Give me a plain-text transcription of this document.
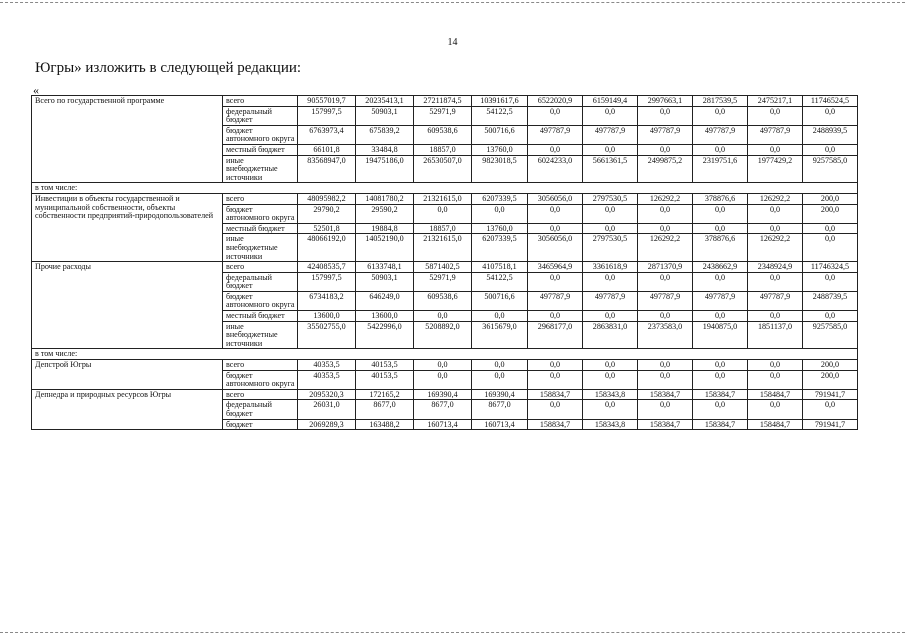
14
Югры» изложить в следующей редакции:
«
Всего по государственной программе	всего	90557019,7	20235413,1	27211874,5	10391617,6	6522020,9	6159149,4	2997663,1	2817539,5	2475217,1	11746524,5
	федеральный бюджет	157997,5	50903,1	52971,9	54122,5	0,0	0,0	0,0	0,0	0,0	0,0
	бюджет автономного округа	6763973,4	675839,2	609538,6	500716,6	497787,9	497787,9	497787,9	497787,9	497787,9	2488939,5
	местный бюджет	66101,8	33484,8	18857,0	13760,0	0,0	0,0	0,0	0,0	0,0	0,0
	иные внебюджетные источники	83568947,0	19475186,0	26530507,0	9823018,5	6024233,0	5661361,5	2499875,2	2319751,6	1977429,2	9257585,0
в том числе:											
Инвестиции в объекты государственной и муниципальной собственности, объекты собственности предприятий-природопользователей	всего	48095982,2	14081780,2	21321615,0	6207339,5	3056056,0	2797530,5	126292,2	378876,6	126292,2	200,0
	бюджет автономного округа	29790,2	29590,2	0,0	0,0	0,0	0,0	0,0	0,0	0,0	200,0
	местный бюджет	52501,8	19884,8	18857,0	13760,0	0,0	0,0	0,0	0,0	0,0	0,0
	иные внебюджетные источники	48066192,0	14052190,0	21321615,0	6207339,5	3056056,0	2797530,5	126292,2	378876,6	126292,2	0,0
Прочие расходы	всего	42408535,7	6133748,1	5871402,5	4107518,1	3465964,9	3361618,9	2871370,9	2438662,9	2348924,9	11746324,5
	федеральный бюджет	157997,5	50903,1	52971,9	54122,5	0,0	0,0	0,0	0,0	0,0	0,0
	бюджет автономного округа	6734183,2	646249,0	609538,6	500716,6	497787,9	497787,9	497787,9	497787,9	497787,9	2488739,5
	местный бюджет	13600,0	13600,0	0,0	0,0	0,0	0,0	0,0	0,0	0,0	0,0
	иные внебюджетные источники	35502755,0	5422996,0	5208892,0	3615679,0	2968177,0	2863831,0	2373583,0	1940875,0	1851137,0	9257585,0
в том числе:											
Депстрой Югры	всего	40353,5	40153,5	0,0	0,0	0,0	0,0	0,0	0,0	0,0	200,0
	бюджет автономного округа	40353,5	40153,5	0,0	0,0	0,0	0,0	0,0	0,0	0,0	200,0
Депнедра и природных ресурсов Югры	всего	2095320,3	172165,2	169390,4	169390,4	158834,7	158343,8	158384,7	158384,7	158484,7	791941,7
	федеральный бюджет	26031,0	8677,0	8677,0	8677,0	0,0	0,0	0,0	0,0	0,0	0,0
	бюджет	2069289,3	163488,2	160713,4	160713,4	158834,7	158343,8	158384,7	158384,7	158484,7	791941,7
